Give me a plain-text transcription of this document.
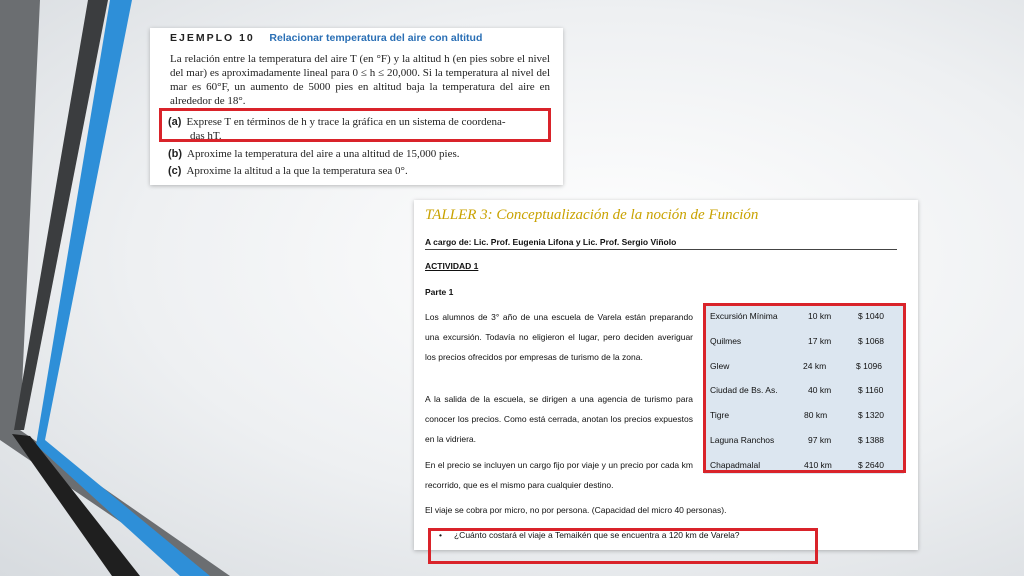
EJEMPLO 10 Relacionar temperatura del aire con altitud

La relación entre la temperatura del aire T (en °F) y la altitud h (en pies sobre el nivel del mar) es aproximadamente lineal para 0 ≤ h ≤ 20,000. Si la temperatura al nivel del mar es 60°F, un aumento de 5000 pies en altitud baja la temperatura del aire en alrededor de 18°.

(a) Exprese T en términos de h y trace la gráfica en un sistema de coordena-
das hT.

(b) Aproxime la temperatura del aire a una altitud de 15,000 pies.

(c) Aproxime la altitud a la que la temperatura sea 0°.

TALLER 3: Conceptualización de la noción de Función
A cargo de: Lic. Prof. Eugenia Lifona y Lic. Prof. Sergio Viñolo
ACTIVIDAD 1
Parte 1

Los alumnos de 3° año de una escuela de Varela están preparando una excursión. Todavía no eligieron el lugar, pero deciden averiguar los precios ofrecidos por empresas de turismo de la zona.

A la salida de la escuela, se dirigen a una agencia de turismo para conocer los precios. Como está cerrada, anotan los precios expuestos en la vidriera.

En el precio se incluyen un cargo fijo por viaje y un precio por cada km recorrido, que es el mismo para cualquier destino.

El viaje se cobra por micro, no por persona. (Capacidad del micro 40 personas).

• ¿Cuánto costará el viaje a Temaikén que se encuentra a 120 km de Varela?
Excursión Mínima	10 km	$ 1040
Quilmes	17 km	$ 1068
Glew	24 km	$ 1096
Ciudad de Bs. As.	40 km	$ 1160
Tigre	80 km	$ 1320
Laguna Ranchos	97 km	$ 1388
Chapadmalal	410 km	$ 2640
